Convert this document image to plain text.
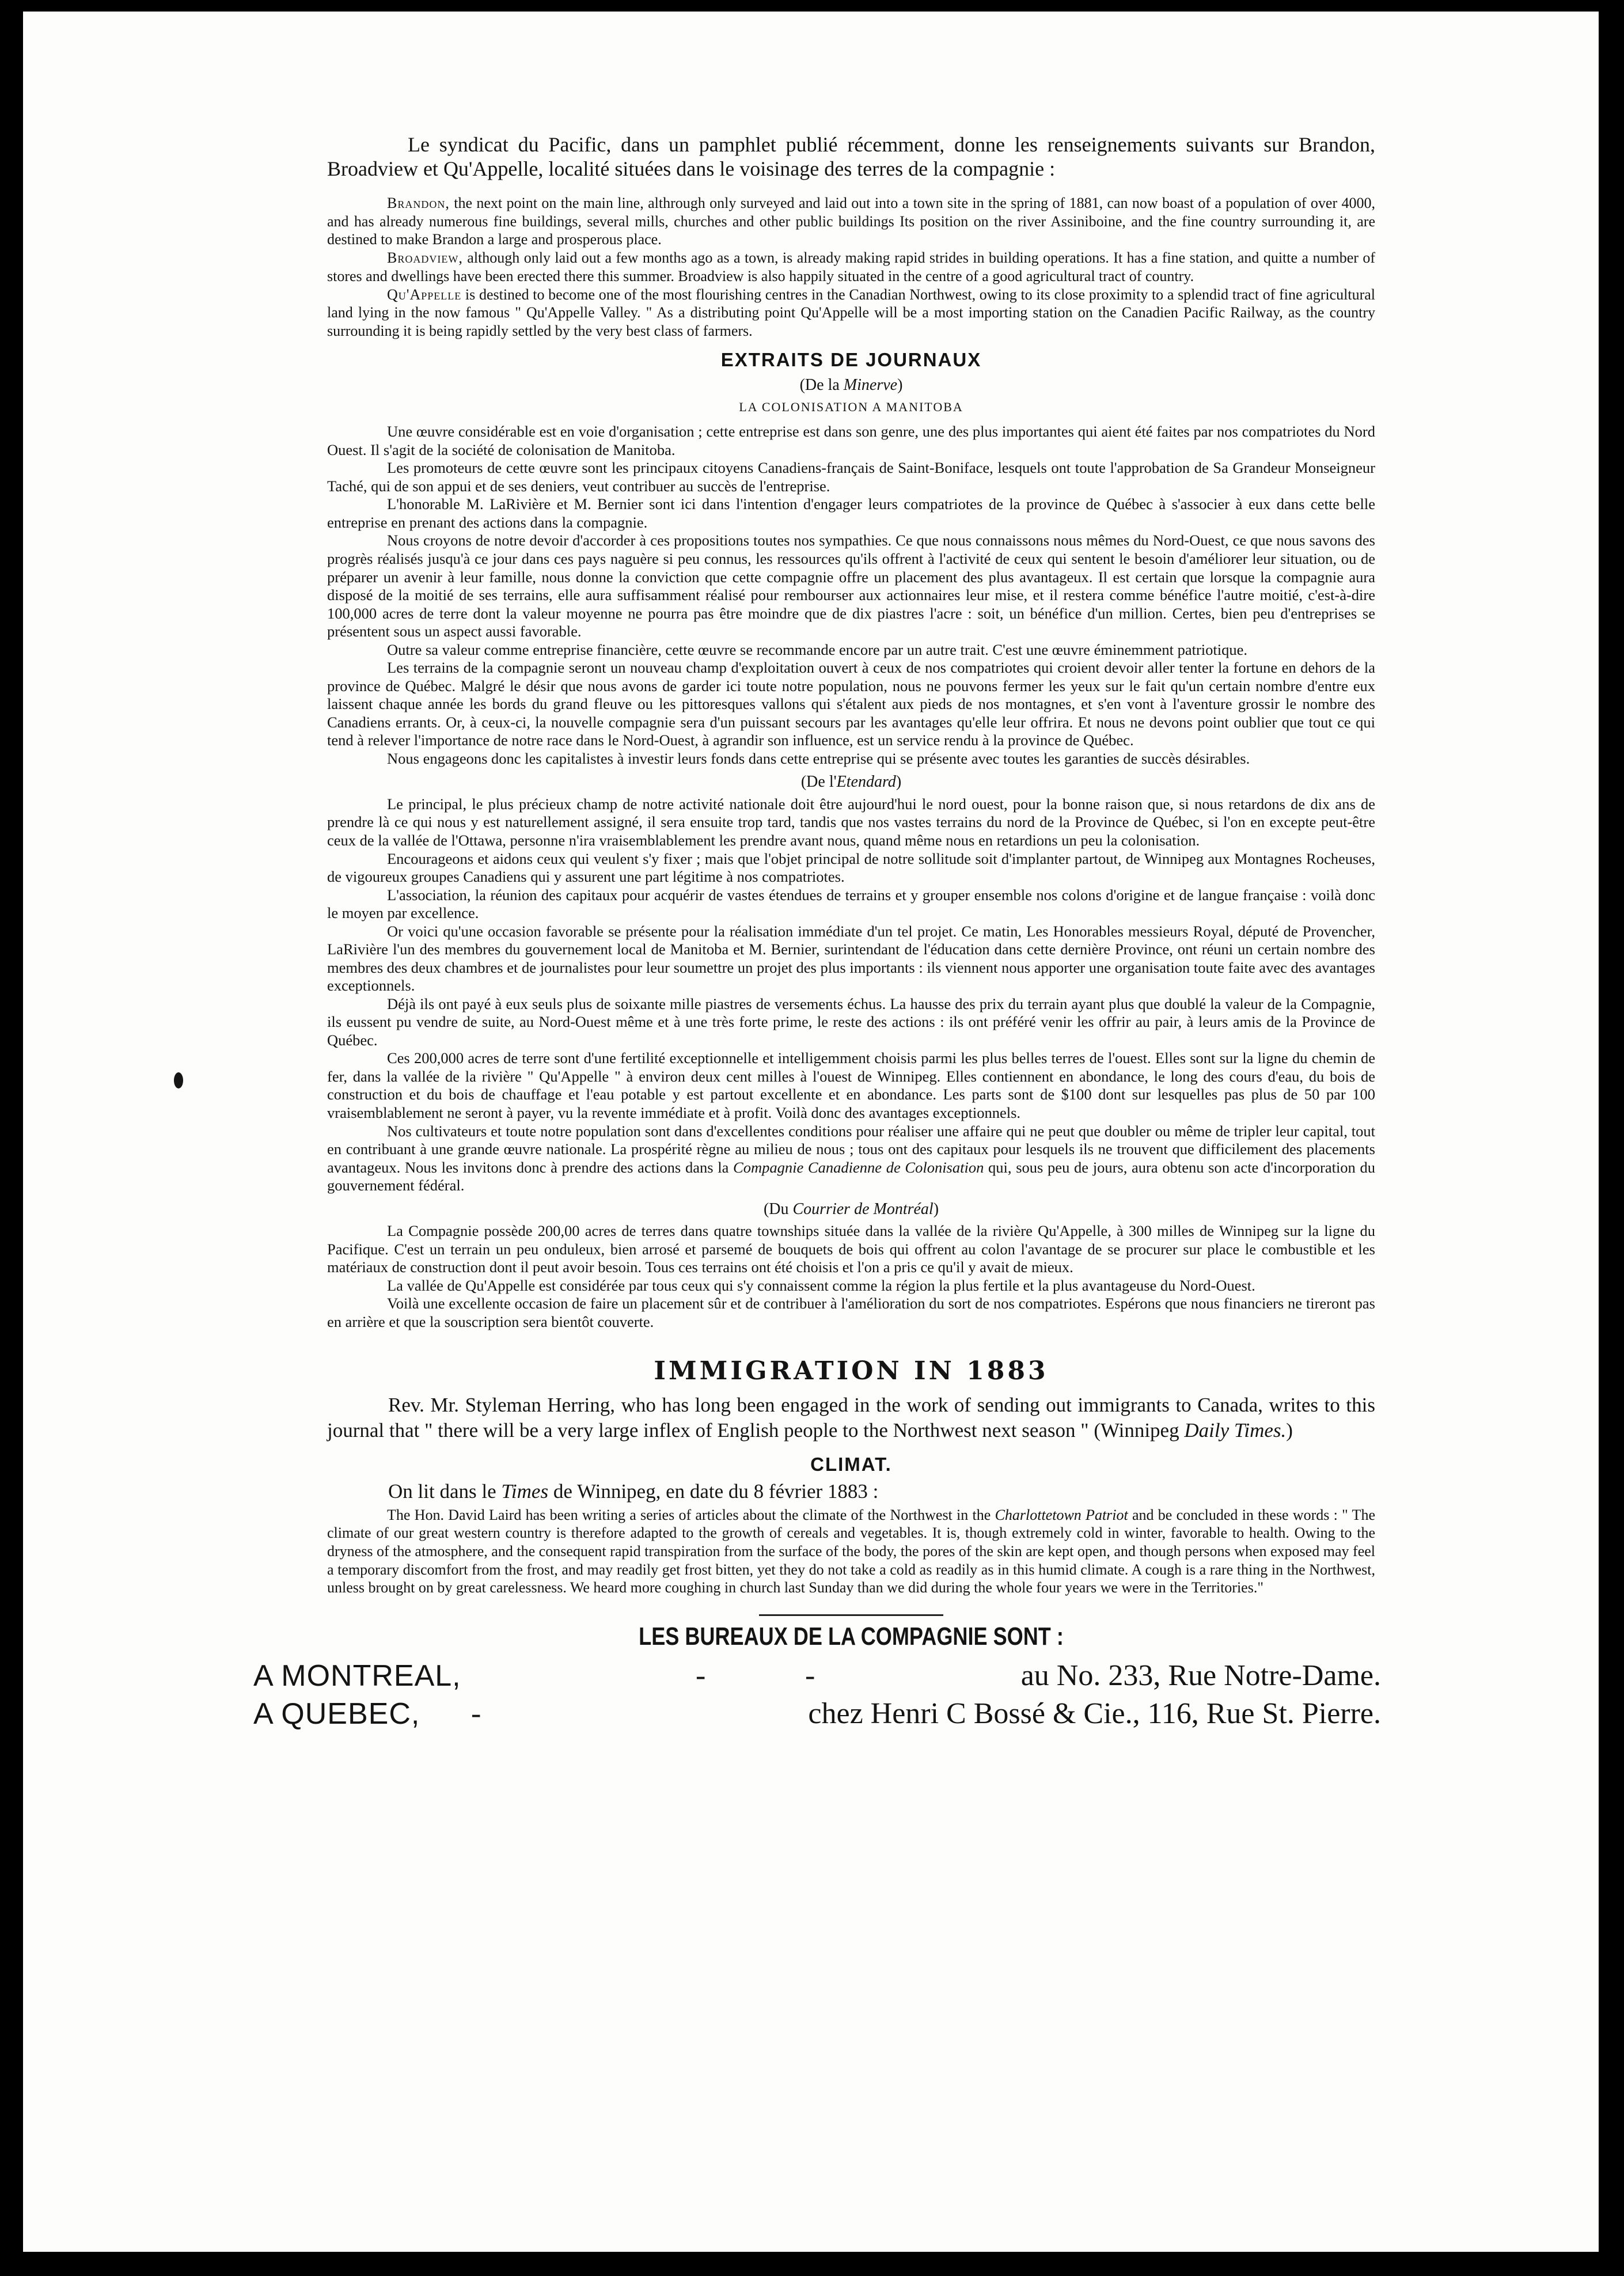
Le syndicat du Pacific, dans un pamphlet publié récemment, donne les renseignements suivants sur Brandon, Broadview et Qu'Appelle, localité situées dans le voisinage des terres de la compagnie :

Brandon, the next point on the main line, althrough only surveyed and laid out into a town site in the spring of 1881, can now boast of a population of over 4000, and has already numerous fine buildings, several mills, churches and other public buildings Its position on the river Assiniboine, and the fine country surrounding it, are destined to make Brandon a large and prosperous place.

Broadview, although only laid out a few months ago as a town, is already making rapid strides in building operations. It has a fine station, and quitte a number of stores and dwellings have been erected there this summer. Broadview is also happily situated in the centre of a good agricultural tract of country.

Qu'Appelle is destined to become one of the most flourishing centres in the Canadian Northwest, owing to its close proximity to a splendid tract of fine agricultural land lying in the now famous " Qu'Appelle Valley. " As a distributing point Qu'Appelle will be a most importing station on the Canadien Pacific Railway, as the country surrounding it is being rapidly settled by the very best class of farmers.

EXTRAITS DE JOURNAUX
(De la Minerve)
LA COLONISATION A MANITOBA

Une œuvre considérable est en voie d'organisation ; cette entreprise est dans son genre, une des plus importantes qui aient été faites par nos compatriotes du Nord Ouest. Il s'agit de la société de colonisation de Manitoba.

Les promoteurs de cette œuvre sont les principaux citoyens Canadiens-français de Saint-Boniface, lesquels ont toute l'approbation de Sa Grandeur Monseigneur Taché, qui de son appui et de ses deniers, veut contribuer au succès de l'entreprise.

L'honorable M. LaRivière et M. Bernier sont ici dans l'intention d'engager leurs compatriotes de la province de Québec à s'associer à eux dans cette belle entreprise en prenant des actions dans la compagnie.

Nous croyons de notre devoir d'accorder à ces propositions toutes nos sympathies. Ce que nous connaissons nous mêmes du Nord-Ouest, ce que nous savons des progrès réalisés jusqu'à ce jour dans ces pays naguère si peu connus, les ressources qu'ils offrent à l'activité de ceux qui sentent le besoin d'améliorer leur situation, ou de préparer un avenir à leur famille, nous donne la conviction que cette compagnie offre un placement des plus avantageux. Il est certain que lorsque la compagnie aura disposé de la moitié de ses terrains, elle aura suffisamment réalisé pour rembourser aux actionnaires leur mise, et il restera comme bénéfice l'autre moitié, c'est-à-dire 100,000 acres de terre dont la valeur moyenne ne pourra pas être moindre que de dix piastres l'acre : soit, un bénéfice d'un million. Certes, bien peu d'entreprises se présentent sous un aspect aussi favorable.

Outre sa valeur comme entreprise financière, cette œuvre se recommande encore par un autre trait. C'est une œuvre éminemment patriotique.

Les terrains de la compagnie seront un nouveau champ d'exploitation ouvert à ceux de nos compatriotes qui croient devoir aller tenter la fortune en dehors de la province de Québec. Malgré le désir que nous avons de garder ici toute notre population, nous ne pouvons fermer les yeux sur le fait qu'un certain nombre d'entre eux laissent chaque année les bords du grand fleuve ou les pittoresques vallons qui s'étalent aux pieds de nos montagnes, et s'en vont à l'aventure grossir le nombre des Canadiens errants. Or, à ceux-ci, la nouvelle compagnie sera d'un puissant secours par les avantages qu'elle leur offrira. Et nous ne devons point oublier que tout ce qui tend à relever l'importance de notre race dans le Nord-Ouest, à agrandir son influence, est un service rendu à la province de Québec.

Nous engageons donc les capitalistes à investir leurs fonds dans cette entreprise qui se présente avec toutes les garanties de succès désirables.

(De l'Etendard)

Le principal, le plus précieux champ de notre activité nationale doit être aujourd'hui le nord ouest, pour la bonne raison que, si nous retardons de dix ans de prendre là ce qui nous y est naturellement assigné, il sera ensuite trop tard, tandis que nos vastes terrains du nord de la Province de Québec, si l'on en excepte peut-être ceux de la vallée de l'Ottawa, personne n'ira vraisemblablement les prendre avant nous, quand même nous en retardions un peu la colonisation.

Encourageons et aidons ceux qui veulent s'y fixer ; mais que l'objet principal de notre sollitude soit d'implanter partout, de Winnipeg aux Montagnes Rocheuses, de vigoureux groupes Canadiens qui y assurent une part légitime à nos compatriotes.

L'association, la réunion des capitaux pour acquérir de vastes étendues de terrains et y grouper ensemble nos colons d'origine et de langue française : voilà donc le moyen par excellence.

Or voici qu'une occasion favorable se présente pour la réalisation immédiate d'un tel projet. Ce matin, Les Honorables messieurs Royal, député de Provencher, LaRivière l'un des membres du gouvernement local de Manitoba et M. Bernier, surintendant de l'éducation dans cette dernière Province, ont réuni un certain nombre des membres des deux chambres et de journalistes pour leur soumettre un projet des plus importants : ils viennent nous apporter une organisation toute faite avec des avantages exceptionnels.

Déjà ils ont payé à eux seuls plus de soixante mille piastres de versements échus. La hausse des prix du terrain ayant plus que doublé la valeur de la Compagnie, ils eussent pu vendre de suite, au Nord-Ouest même et à une très forte prime, le reste des actions : ils ont préféré venir les offrir au pair, à leurs amis de la Province de Québec.

Ces 200,000 acres de terre sont d'une fertilité exceptionnelle et intelligemment choisis parmi les plus belles terres de l'ouest. Elles sont sur la ligne du chemin de fer, dans la vallée de la rivière " Qu'Appelle " à environ deux cent milles à l'ouest de Winnipeg. Elles contiennent en abondance, le long des cours d'eau, du bois de construction et du bois de chauffage et l'eau potable y est partout excellente et en abondance. Les parts sont de $100 dont sur lesquelles pas plus de 50 par 100 vraisemblablement ne seront à payer, vu la revente immédiate et à profit. Voilà donc des avantages exceptionnels.

Nos cultivateurs et toute notre population sont dans d'excellentes conditions pour réaliser une affaire qui ne peut que doubler ou même de tripler leur capital, tout en contribuant à une grande œuvre nationale. La prospérité règne au milieu de nous ; tous ont des capitaux pour lesquels ils ne trouvent que difficilement des placements avantageux. Nous les invitons donc à prendre des actions dans la Compagnie Canadienne de Colonisation qui, sous peu de jours, aura obtenu son acte d'incorporation du gouvernement fédéral.

(Du Courrier de Montréal)

La Compagnie possède 200,00 acres de terres dans quatre townships située dans la vallée de la rivière Qu'Appelle, à 300 milles de Winnipeg sur la ligne du Pacifique. C'est un terrain un peu onduleux, bien arrosé et parsemé de bouquets de bois qui offrent au colon l'avantage de se procurer sur place le combustible et les matériaux de construction dont il peut avoir besoin. Tous ces terrains ont été choisis et l'on a pris ce qu'il y avait de mieux.

La vallée de Qu'Appelle est considérée par tous ceux qui s'y connaissent comme la région la plus fertile et la plus avantageuse du Nord-Ouest.

Voilà une excellente occasion de faire un placement sûr et de contribuer à l'amélioration du sort de nos compatriotes. Espérons que nous financiers ne tireront pas en arrière et que la souscription sera bientôt couverte.

IMMIGRATION IN 1883

Rev. Mr. Styleman Herring, who has long been engaged in the work of sending out immigrants to Canada, writes to this journal that " there will be a very large inflex of English people to the Northwest next season " (Winnipeg Daily Times.)

CLIMAT.

On lit dans le Times de Winnipeg, en date du 8 février 1883 :

The Hon. David Laird has been writing a series of articles about the climate of the Northwest in the Charlottetown Patriot and be concluded in these words : " The climate of our great western country is therefore adapted to the growth of cereals and vegetables. It is, though extremely cold in winter, favorable to health. Owing to the dryness of the atmosphere, and the consequent rapid transpiration from the surface of the body, the pores of the skin are kept open, and though persons when exposed may feel a temporary discomfort from the frost, and may readily get frost bitten, yet they do not take a cold as readily as in this humid climate. A cough is a rare thing in the Northwest, unless brought on by great carelessness. We heard more coughing in church last Sunday than we did during the whole four years we were in the Territories."

LES BUREAUX DE LA COMPAGNIE SONT :
A MONTREAL,	-	-	au No. 233, Rue Notre-Dame.
A QUEBEC, -	chez Henri C Bossé & Cie., 116, Rue St. Pierre.
